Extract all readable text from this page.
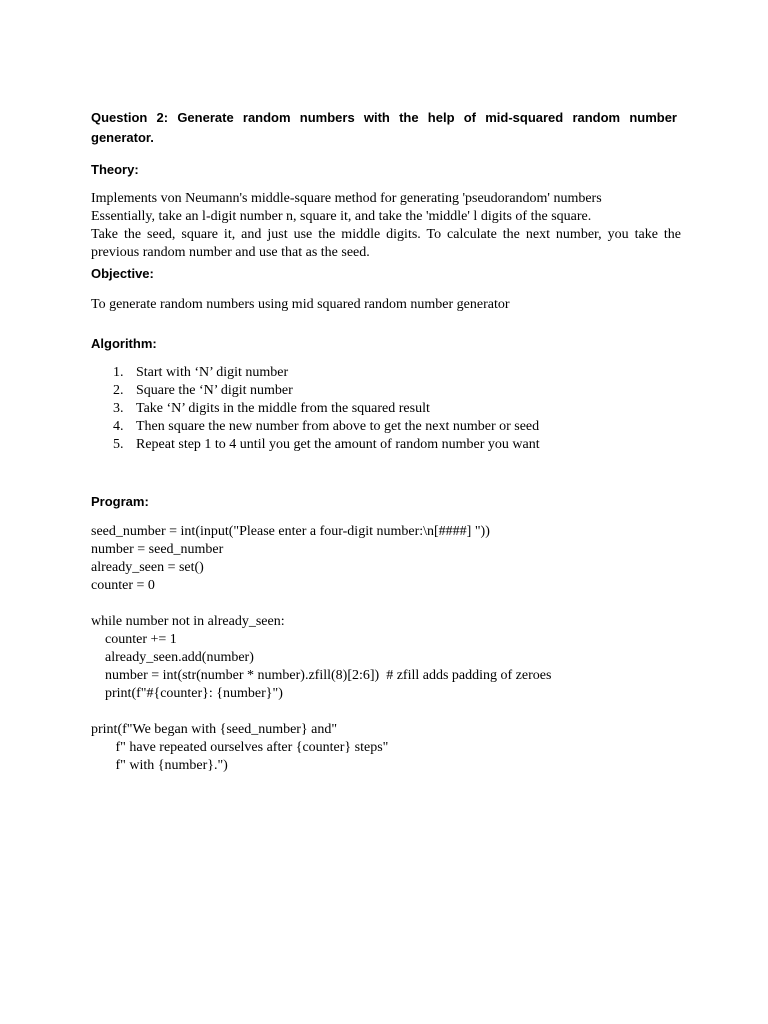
Question 2: Generate random numbers with the help of mid-squared random number generator.

Theory:

Implements von Neumann's middle-square method for generating 'pseudorandom' numbers
Essentially, take an l-digit number n, square it, and take the 'middle' l digits of the square.
Take the seed, square it, and just use the middle digits. To calculate the next number, you take the previous random number and use that as the seed.

Objective:

To generate random numbers using mid squared random number generator

Algorithm:

1. Start with ‘N’ digit number
2. Square the ‘N’ digit number
3. Take ‘N’ digits in the middle from the squared result
4. Then square the new number from above to get the next number or seed
5. Repeat step 1 to 4 until you get the amount of random number you want

Program:

seed_number = int(input("Please enter a four-digit number:\n[####] "))
number = seed_number
already_seen = set()
counter = 0
while number not in already_seen:
counter += 1
already_seen.add(number)
number = int(str(number * number).zfill(8)[2:6])  # zfill adds padding of zeroes
print(f"#{counter}: {number}")
print(f"We began with {seed_number} and"
f" have repeated ourselves after {counter} steps"
f" with {number}.")
